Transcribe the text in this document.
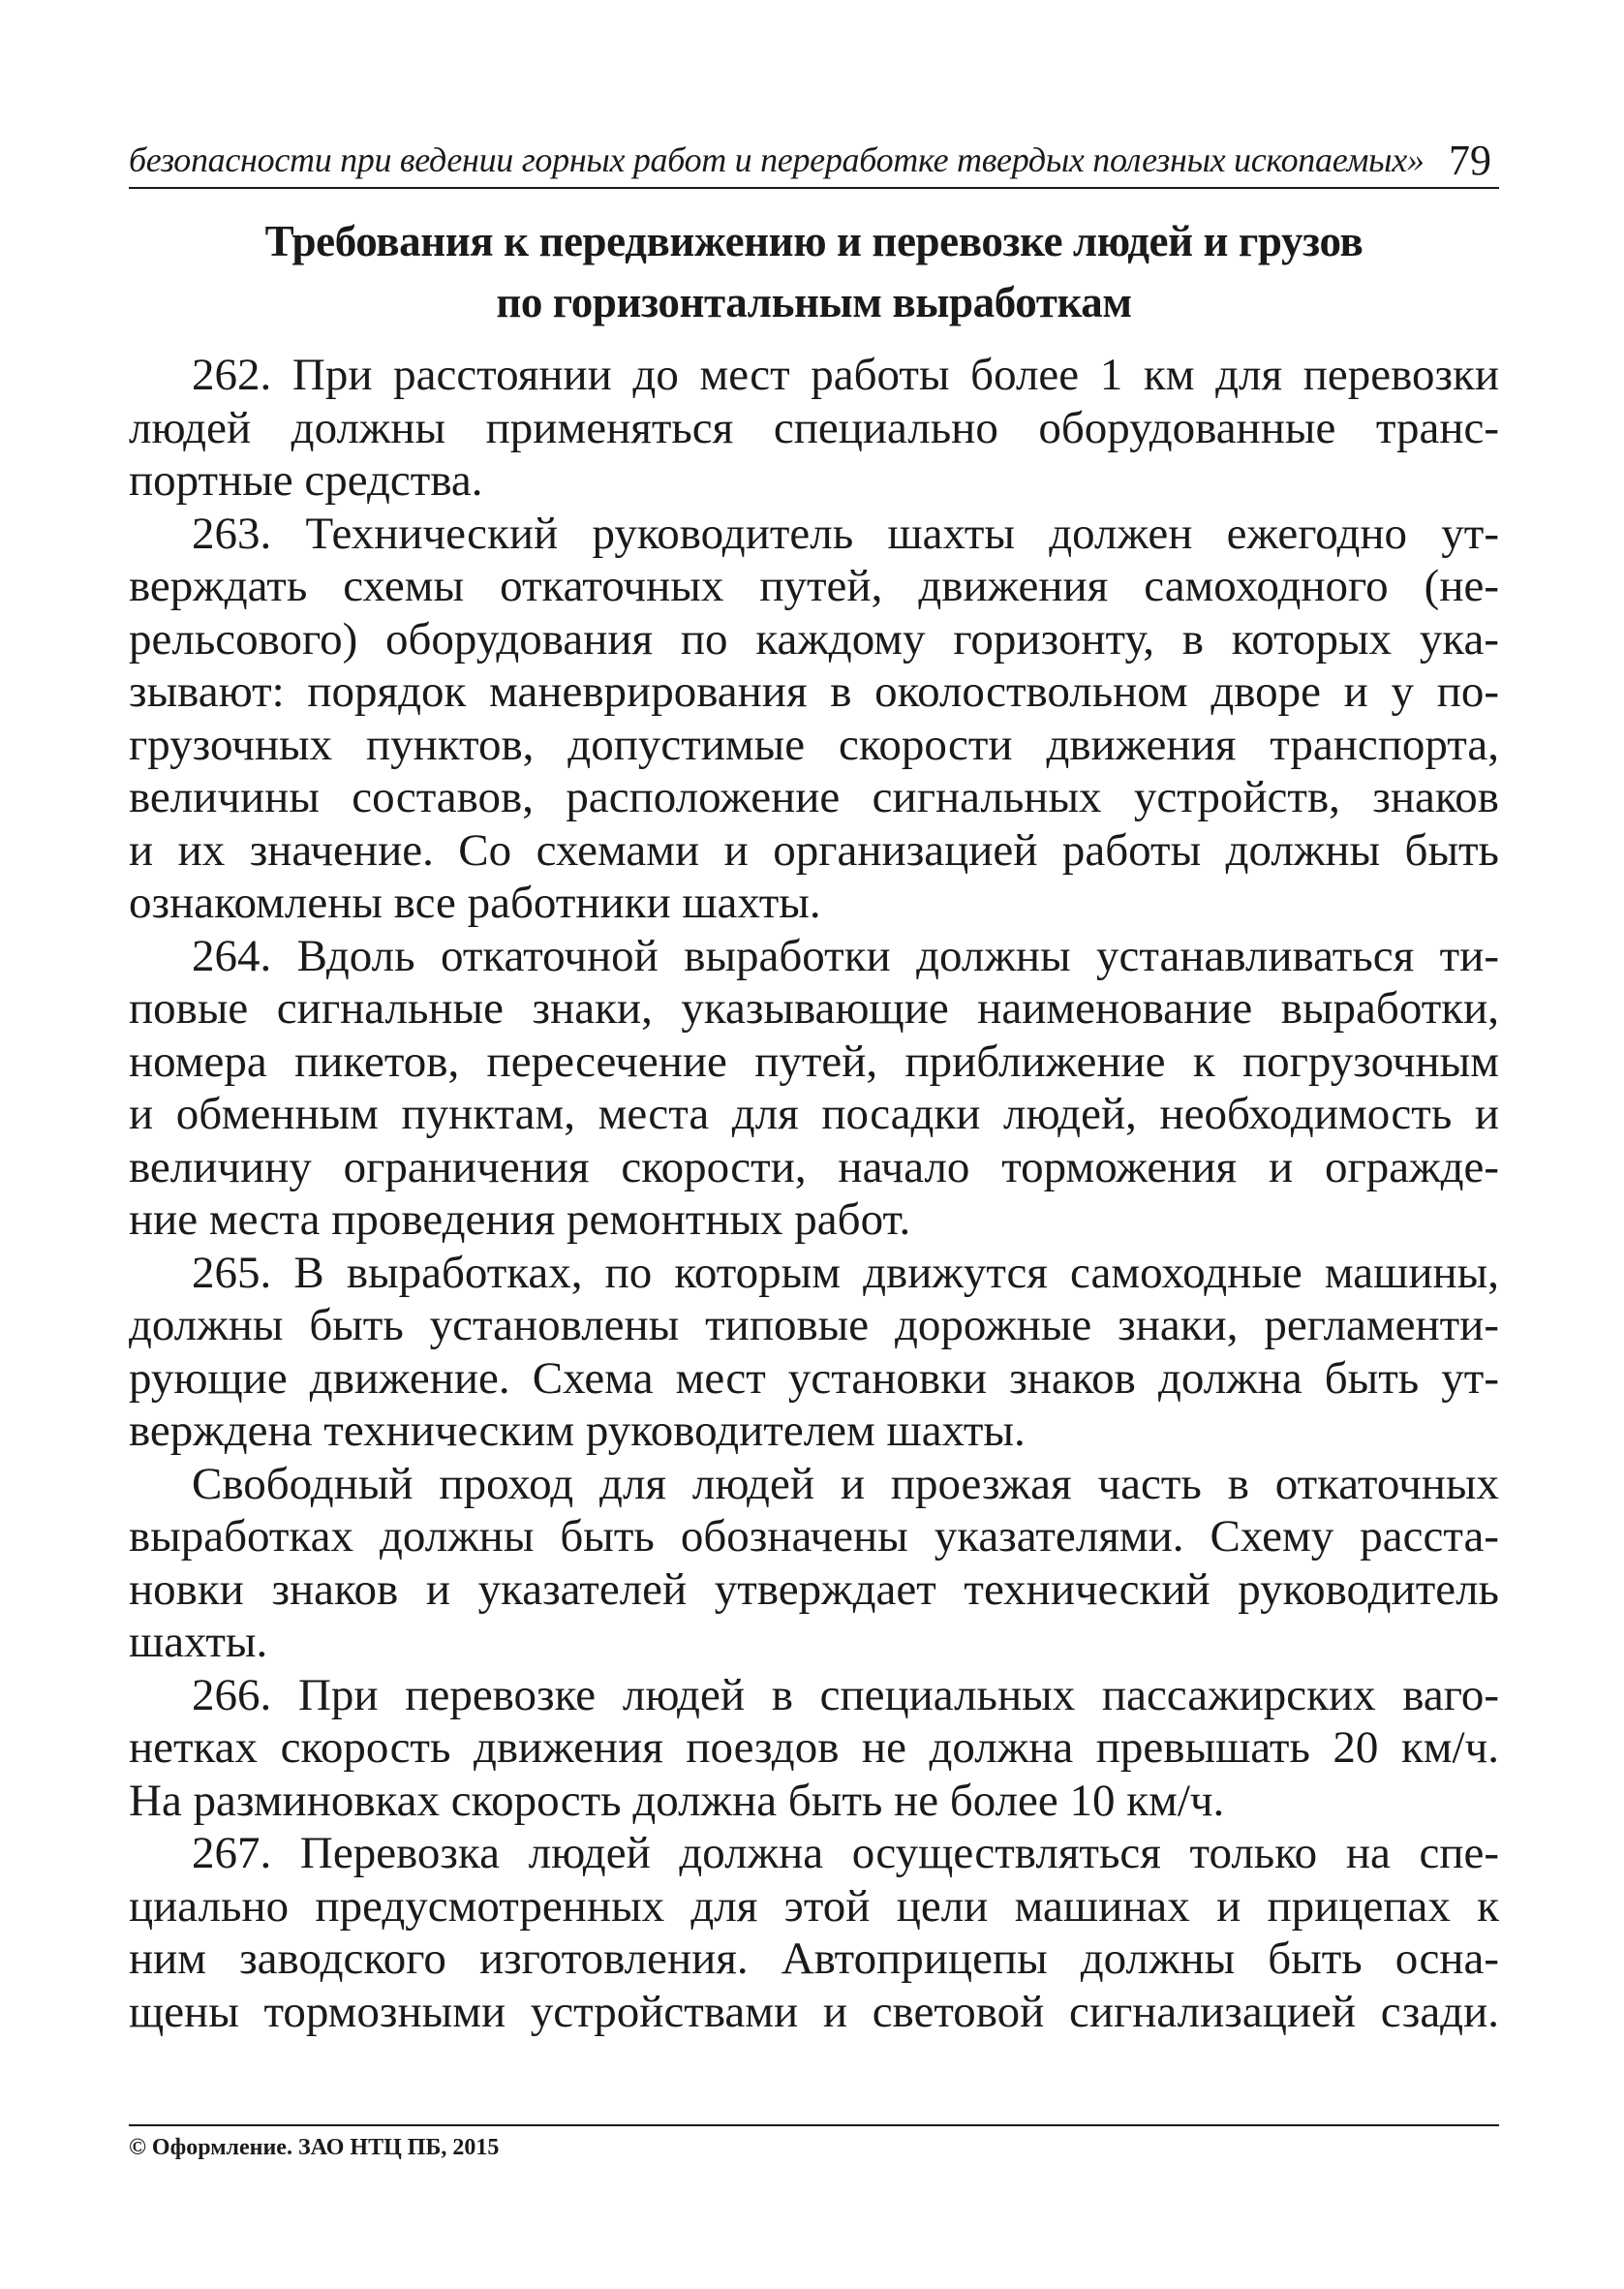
безопасности при ведении горных работ и переработке твердых полезных ископаемых» 79
Требования к передвижению и перевозке людей и грузов
по горизонтальным выработкам
262. При расстоянии до мест работы более 1 км для перевозки
людей должны применяться специально оборудованные транс-
портные средства.
263. Технический руководитель шахты должен ежегодно ут-
верждать схемы откаточных путей, движения самоходного (не-
рельсового) оборудования по каждому горизонту, в которых ука-
зывают: порядок маневрирования в околоствольном дворе и у по-
грузочных пунктов, допустимые скорости движения транспорта,
величины составов, расположение сигнальных устройств, знаков
и их значение. Со схемами и организацией работы должны быть
ознакомлены все работники шахты.
264. Вдоль откаточной выработки должны устанавливаться ти-
повые сигнальные знаки, указывающие наименование выработки,
номера пикетов, пересечение путей, приближение к погрузочным
и обменным пунктам, места для посадки людей, необходимость и
величину ограничения скорости, начало торможения и огражде-
ние места проведения ремонтных работ.
265. В выработках, по которым движутся самоходные машины,
должны быть установлены типовые дорожные знаки, регламенти-
рующие движение. Схема мест установки знаков должна быть ут-
верждена техническим руководителем шахты.
Свободный проход для людей и проезжая часть в откаточных
выработках должны быть обозначены указателями. Схему расста-
новки знаков и указателей утверждает технический руководитель
шахты.
266. При перевозке людей в специальных пассажирских ваго-
нетках скорость движения поездов не должна превышать 20 км/ч.
На разминовках скорость должна быть не более 10 км/ч.
267. Перевозка людей должна осуществляться только на спе-
циально предусмотренных для этой цели машинах и прицепах к
ним заводского изготовления. Автоприцепы должны быть осна-
щены тормозными устройствами и световой сигнализацией сзади.
© Оформление. ЗАО НТЦ ПБ, 2015
